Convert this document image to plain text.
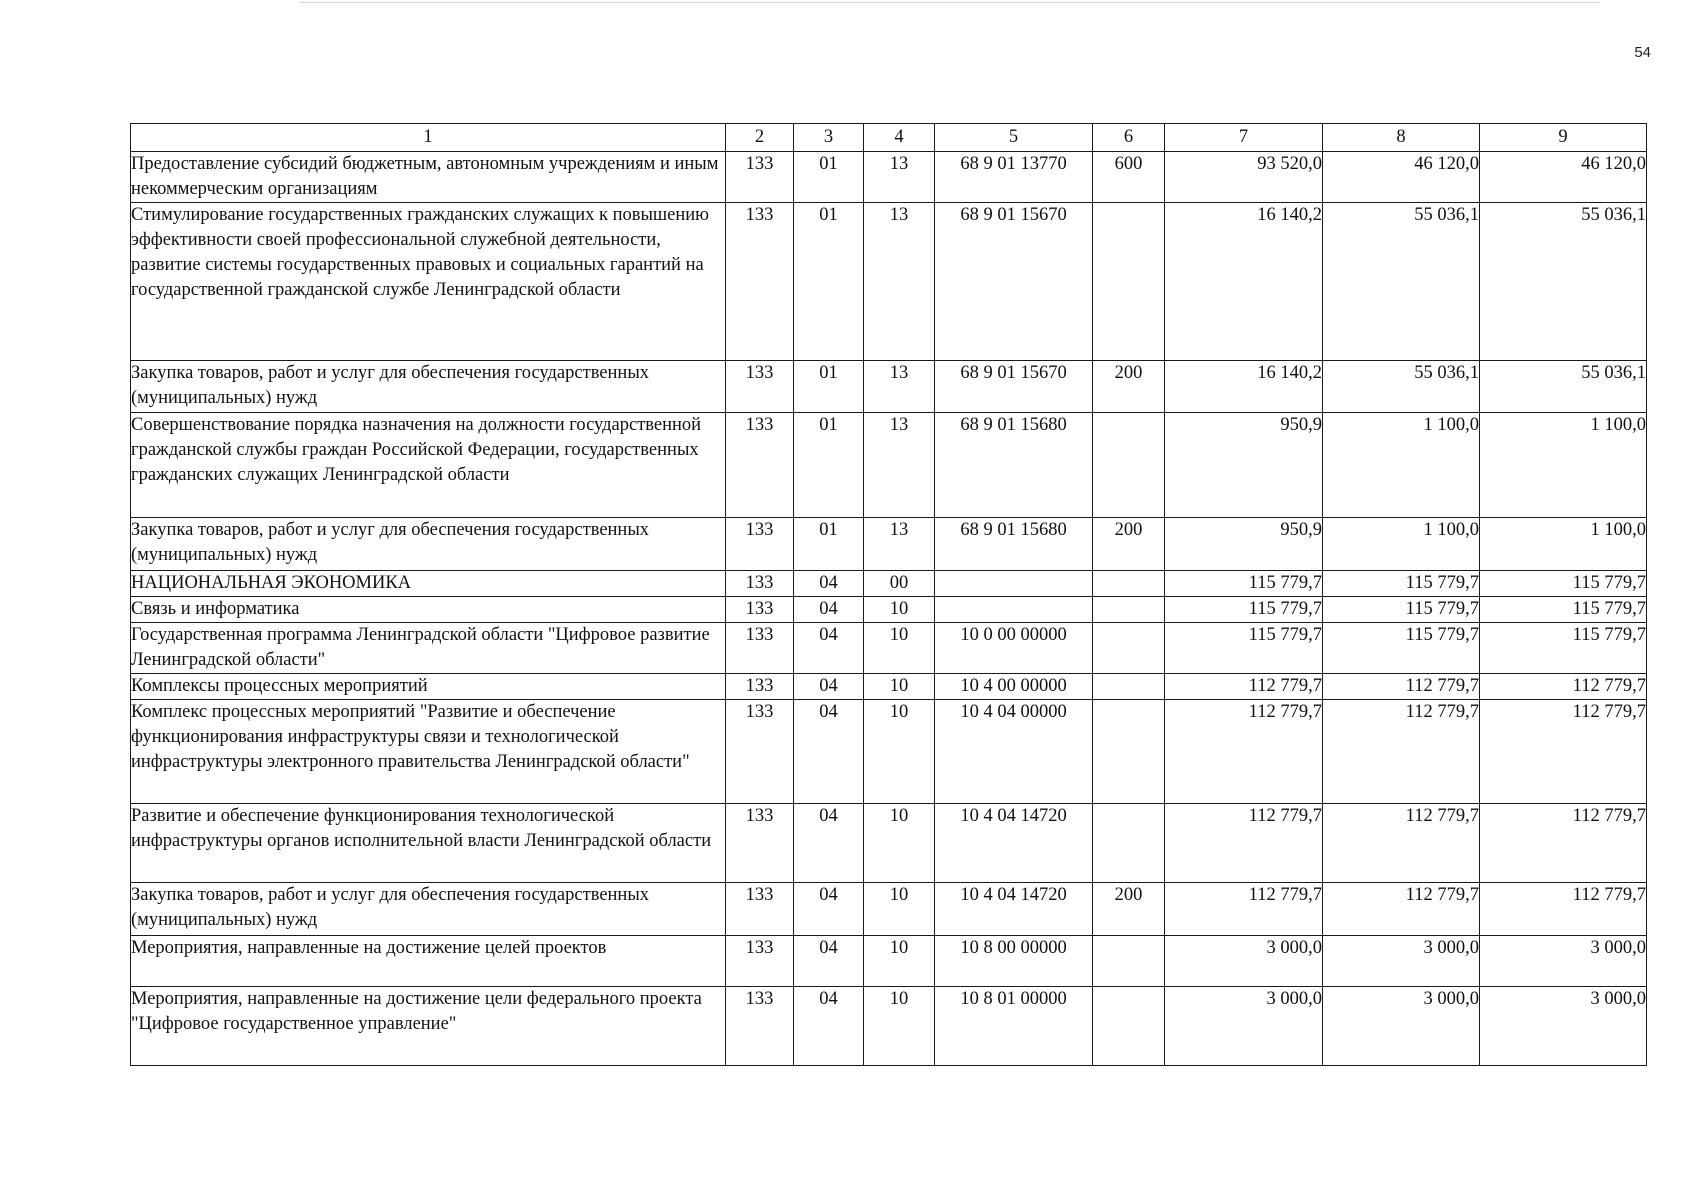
54
1	2	3	4	5	6	7	8	9
Предоставление субсидий бюджетным, автономным учреждениям и иным некоммерческим организациям	133	01	13	68 9 01 13770	600	93 520,0	46 120,0	46 120,0
Стимулирование государственных гражданских служащих к повышению эффективности своей профессиональной служебной деятельности, развитие системы государственных правовых и социальных гарантий на государственной гражданской службе Ленинградской области	133	01	13	68 9 01 15670		16 140,2	55 036,1	55 036,1
Закупка товаров, работ и услуг для обеспечения государственных (муниципальных) нужд	133	01	13	68 9 01 15670	200	16 140,2	55 036,1	55 036,1
Совершенствование порядка назначения на должности государственной гражданской службы граждан Российской Федерации, государственных гражданских служащих Ленинградской области	133	01	13	68 9 01 15680		950,9	1 100,0	1 100,0
Закупка товаров, работ и услуг для обеспечения государственных (муниципальных) нужд	133	01	13	68 9 01 15680	200	950,9	1 100,0	1 100,0
НАЦИОНАЛЬНАЯ ЭКОНОМИКА	133	04	00			115 779,7	115 779,7	115 779,7
Связь и информатика	133	04	10			115 779,7	115 779,7	115 779,7
Государственная программа Ленинградской области "Цифровое развитие Ленинградской области"	133	04	10	10 0 00 00000		115 779,7	115 779,7	115 779,7
Комплексы процессных мероприятий	133	04	10	10 4 00 00000		112 779,7	112 779,7	112 779,7
Комплекс процессных мероприятий "Развитие и обеспечение функционирования инфраструктуры связи и технологической инфраструктуры электронного правительства Ленинградской области"	133	04	10	10 4 04 00000		112 779,7	112 779,7	112 779,7
Развитие и обеспечение функционирования технологической инфраструктуры органов исполнительной власти Ленинградской области	133	04	10	10 4 04 14720		112 779,7	112 779,7	112 779,7
Закупка товаров, работ и услуг для обеспечения государственных (муниципальных) нужд	133	04	10	10 4 04 14720	200	112 779,7	112 779,7	112 779,7
Мероприятия, направленные на достижение целей проектов	133	04	10	10 8 00 00000		3 000,0	3 000,0	3 000,0
Мероприятия, направленные на достижение цели федерального проекта "Цифровое государственное управление"	133	04	10	10 8 01 00000		3 000,0	3 000,0	3 000,0
